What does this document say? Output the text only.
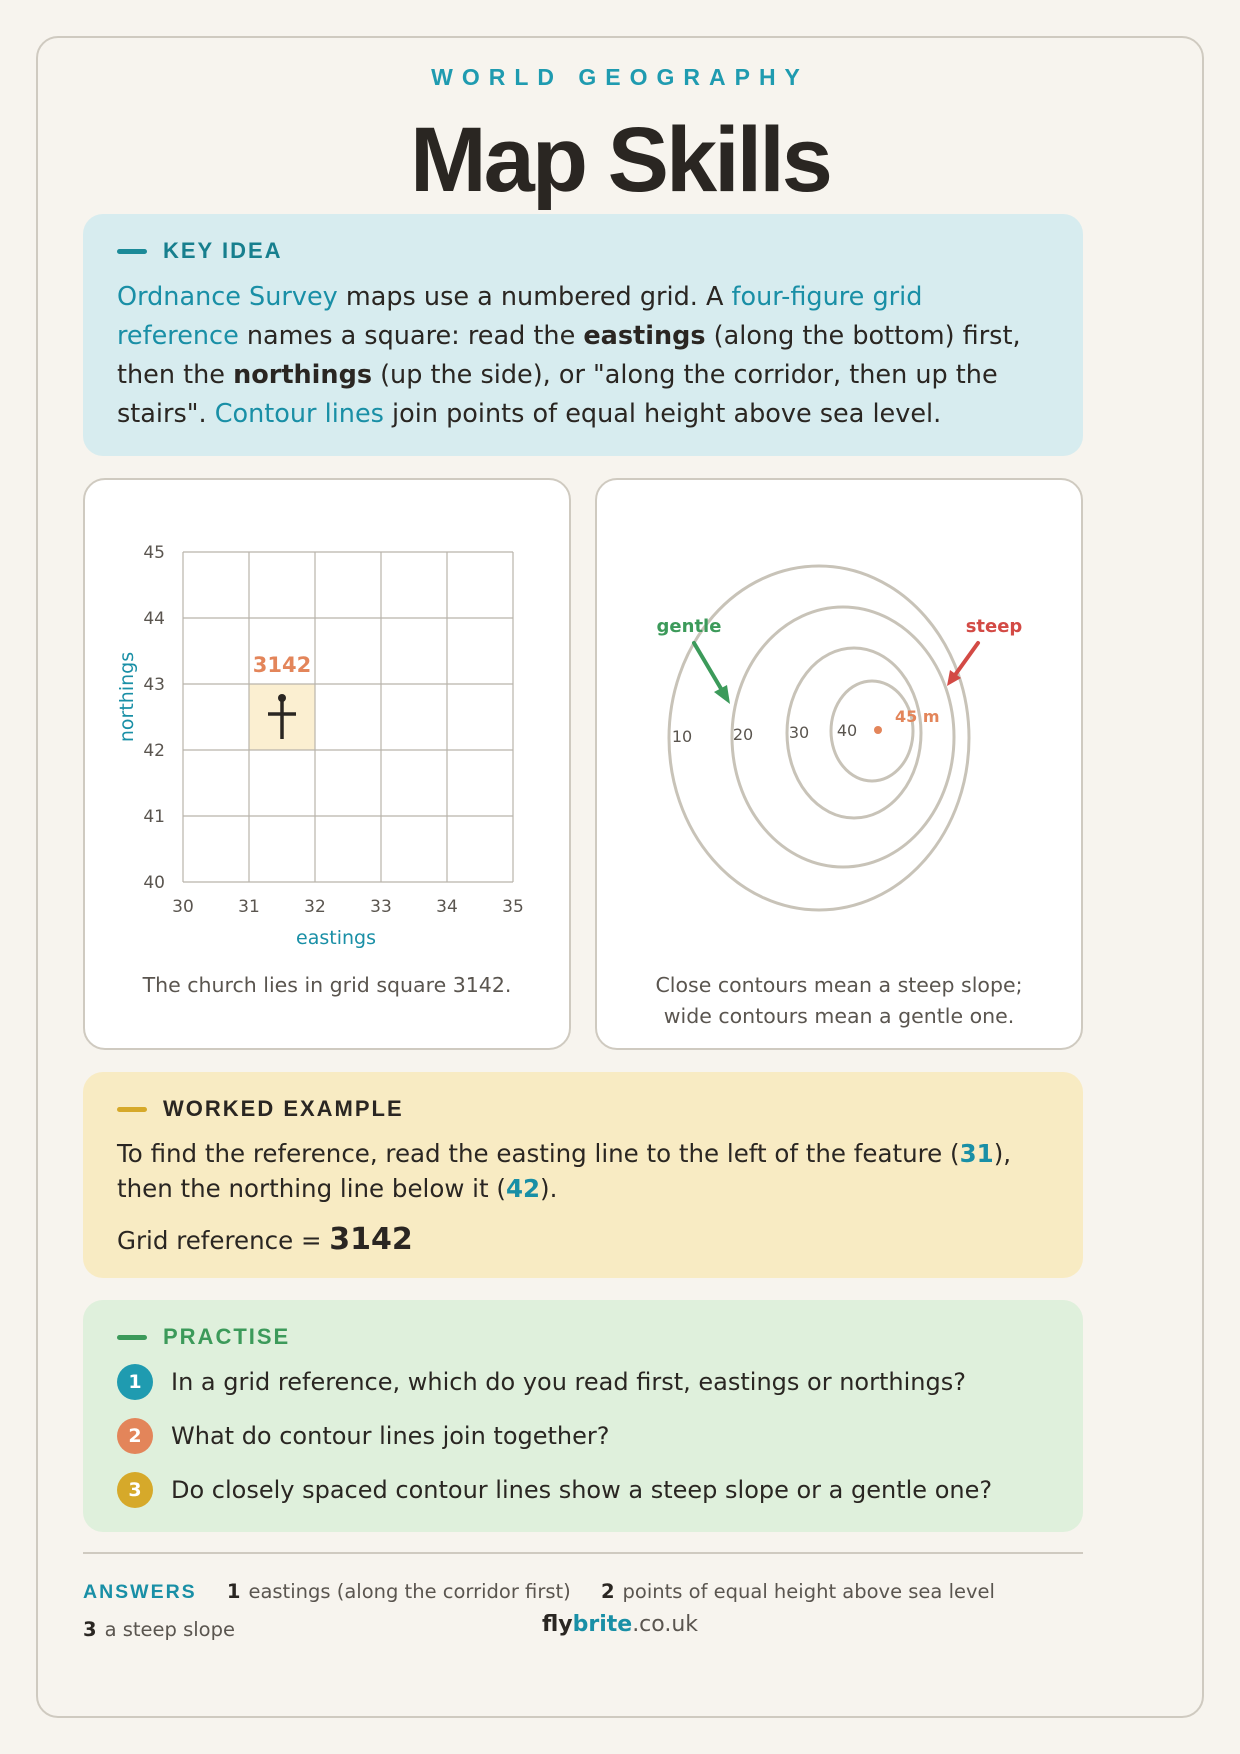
WORLD GEOGRAPHY
Map Skills
KEY IDEA
Ordnance Survey maps use a numbered grid. A four-figure grid reference names a square: read the eastings (along the bottom) first, then the northings (up the side), or "along the corridor, then up the stairs". Contour lines join points of equal height above sea level.
30	31	32	33	34	35
40
41
42
43
44
45
eastings
northings	3142
The church lies in grid square 3142.
10	20 30 40
45 m
gentle	steep
Close contours mean a steep slope;
wide contours mean a gentle one.
WORKED EXAMPLE
To find the reference, read the easting line to the left of the feature (31), then the northing line below it (42).
Grid reference = 3142
PRACTISE
1	In a grid reference, which do you read first, eastings or northings?
2	What do contour lines join together?
3	Do closely spaced contour lines show a steep slope or a gentle one?
ANSWERS 1 eastings (along the corridor first) 2 points of equal height above sea level
3 a steep slope	flybrite.co.uk
